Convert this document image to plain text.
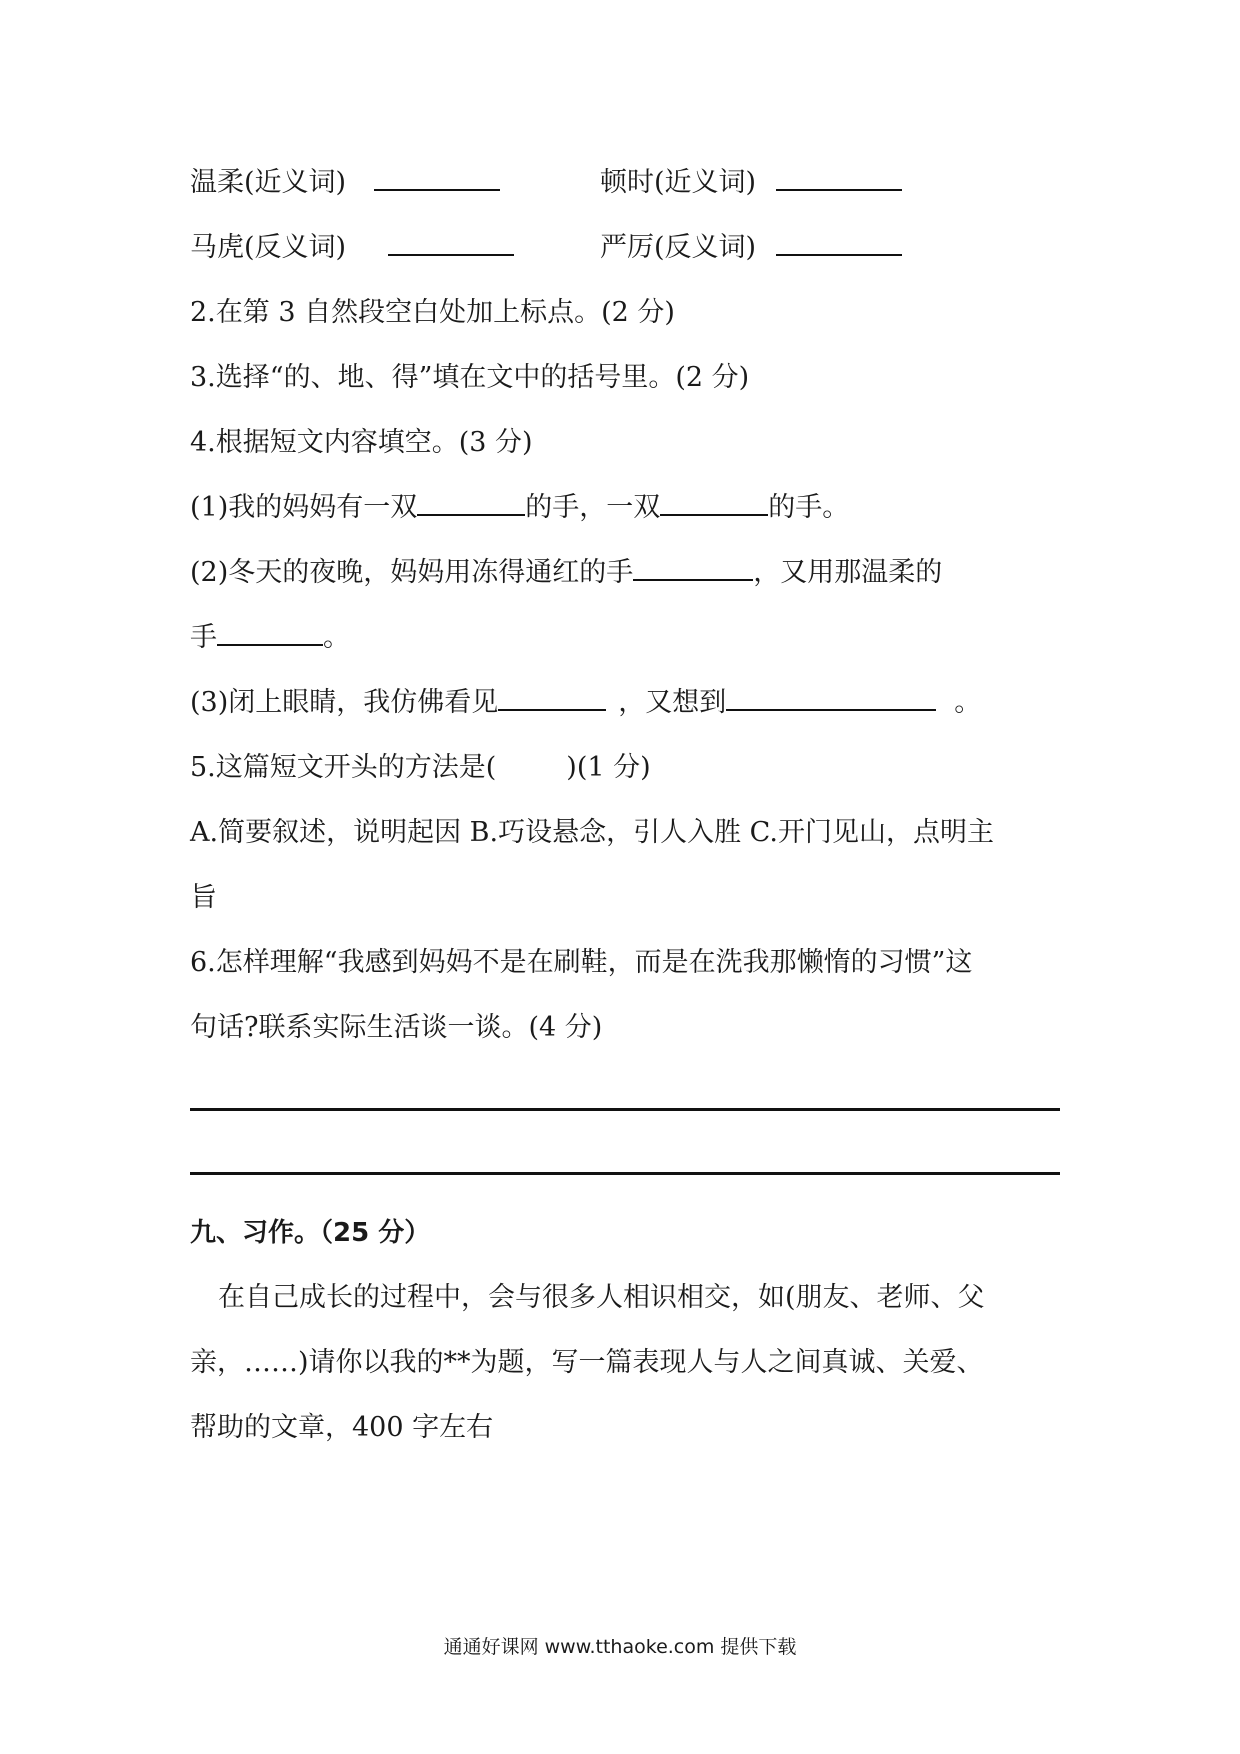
温柔(近义词)	顿时(近义词)
马虎(反义词)	严厉(反义词)
2.在第 3 自然段空白处加上标点。(2 分)
3.选择“的、地、得”填在文中的括号里。(2 分)
4.根据短文内容填空。(3 分)
(1)我的妈妈有一双	的手，一双	的手。
(2)冬天的夜晚，妈妈用冻得通红的手	，又用那温柔的
手	。
(3)闭上眼睛，我仿佛看见	，又想到	。
5.这篇短文开头的方法是(	)(1 分)
A.简要叙述，说明起因 B.巧设悬念，引人入胜 C.开门见山，点明主
旨
6.怎样理解“我感到妈妈不是在刷鞋，而是在洗我那懒惰的习惯”这
句话?联系实际生活谈一谈。(4 分)
九、习作。（25 分）
在自己成长的过程中，会与很多人相识相交，如(朋友、老师、父
亲，……)请你以我的**为题，写一篇表现人与人之间真诚、关爱、
帮助的文章，400 字左右
通通好课网 www.tthaoke.com 提供下载
